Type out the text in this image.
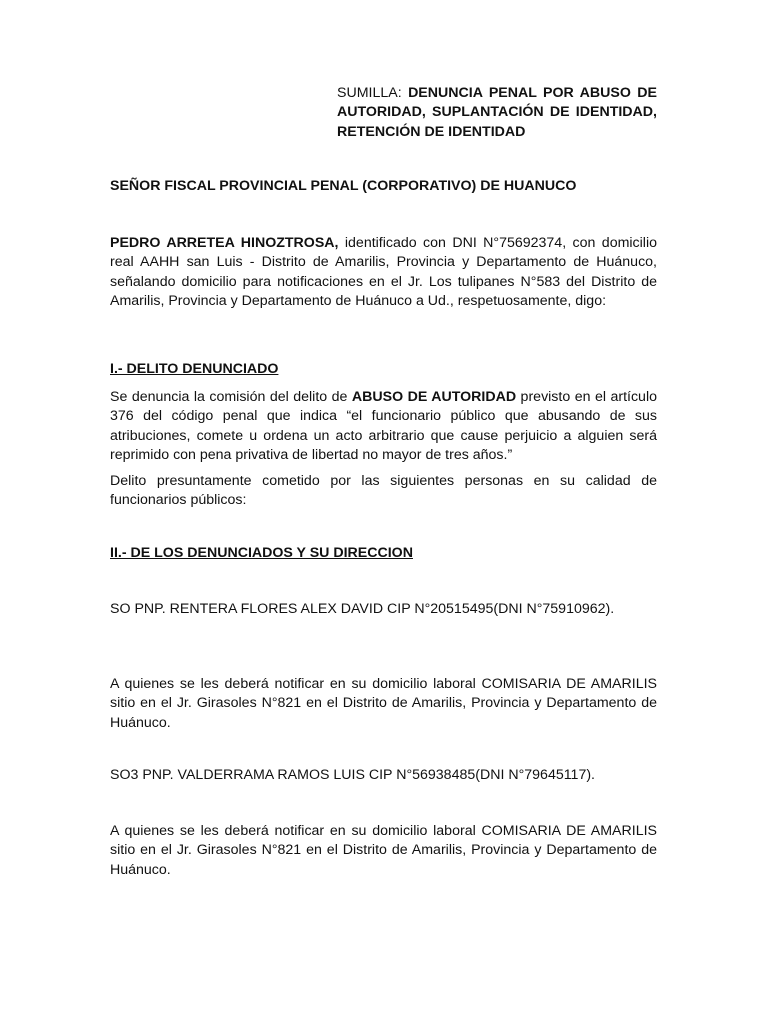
SUMILLA: DENUNCIA PENAL POR ABUSO DE AUTORIDAD, SUPLANTACIÓN DE IDENTIDAD, RETENCIÓN DE IDENTIDAD

SEÑOR FISCAL PROVINCIAL PENAL (CORPORATIVO) DE HUANUCO

PEDRO ARRETEA HINOZTROSA, identificado con DNI N°75692374, con domicilio real AAHH san Luis - Distrito de Amarilis, Provincia y Departamento de Huánuco, señalando domicilio para notificaciones en el Jr. Los tulipanes N°583 del Distrito de Amarilis, Provincia y Departamento de Huánuco a Ud., respetuosamente, digo:

I.- DELITO DENUNCIADO

Se denuncia la comisión del delito de ABUSO DE AUTORIDAD previsto en el artículo 376 del código penal que indica “el funcionario público que abusando de sus atribuciones, comete u ordena un acto arbitrario que cause perjuicio a alguien será reprimido con pena privativa de libertad no mayor de tres años.”

Delito presuntamente cometido por las siguientes personas en su calidad de funcionarios públicos:

II.- DE LOS DENUNCIADOS Y SU DIRECCION

SO PNP. RENTERA FLORES ALEX DAVID CIP N°20515495(DNI N°75910962).

A quienes se les deberá notificar en su domicilio laboral COMISARIA DE AMARILIS sitio en el Jr. Girasoles N°821 en el Distrito de Amarilis, Provincia y Departamento de Huánuco.

SO3 PNP. VALDERRAMA RAMOS LUIS CIP N°56938485(DNI N°79645117).

A quienes se les deberá notificar en su domicilio laboral COMISARIA DE AMARILIS sitio en el Jr. Girasoles N°821 en el Distrito de Amarilis, Provincia y Departamento de Huánuco.
